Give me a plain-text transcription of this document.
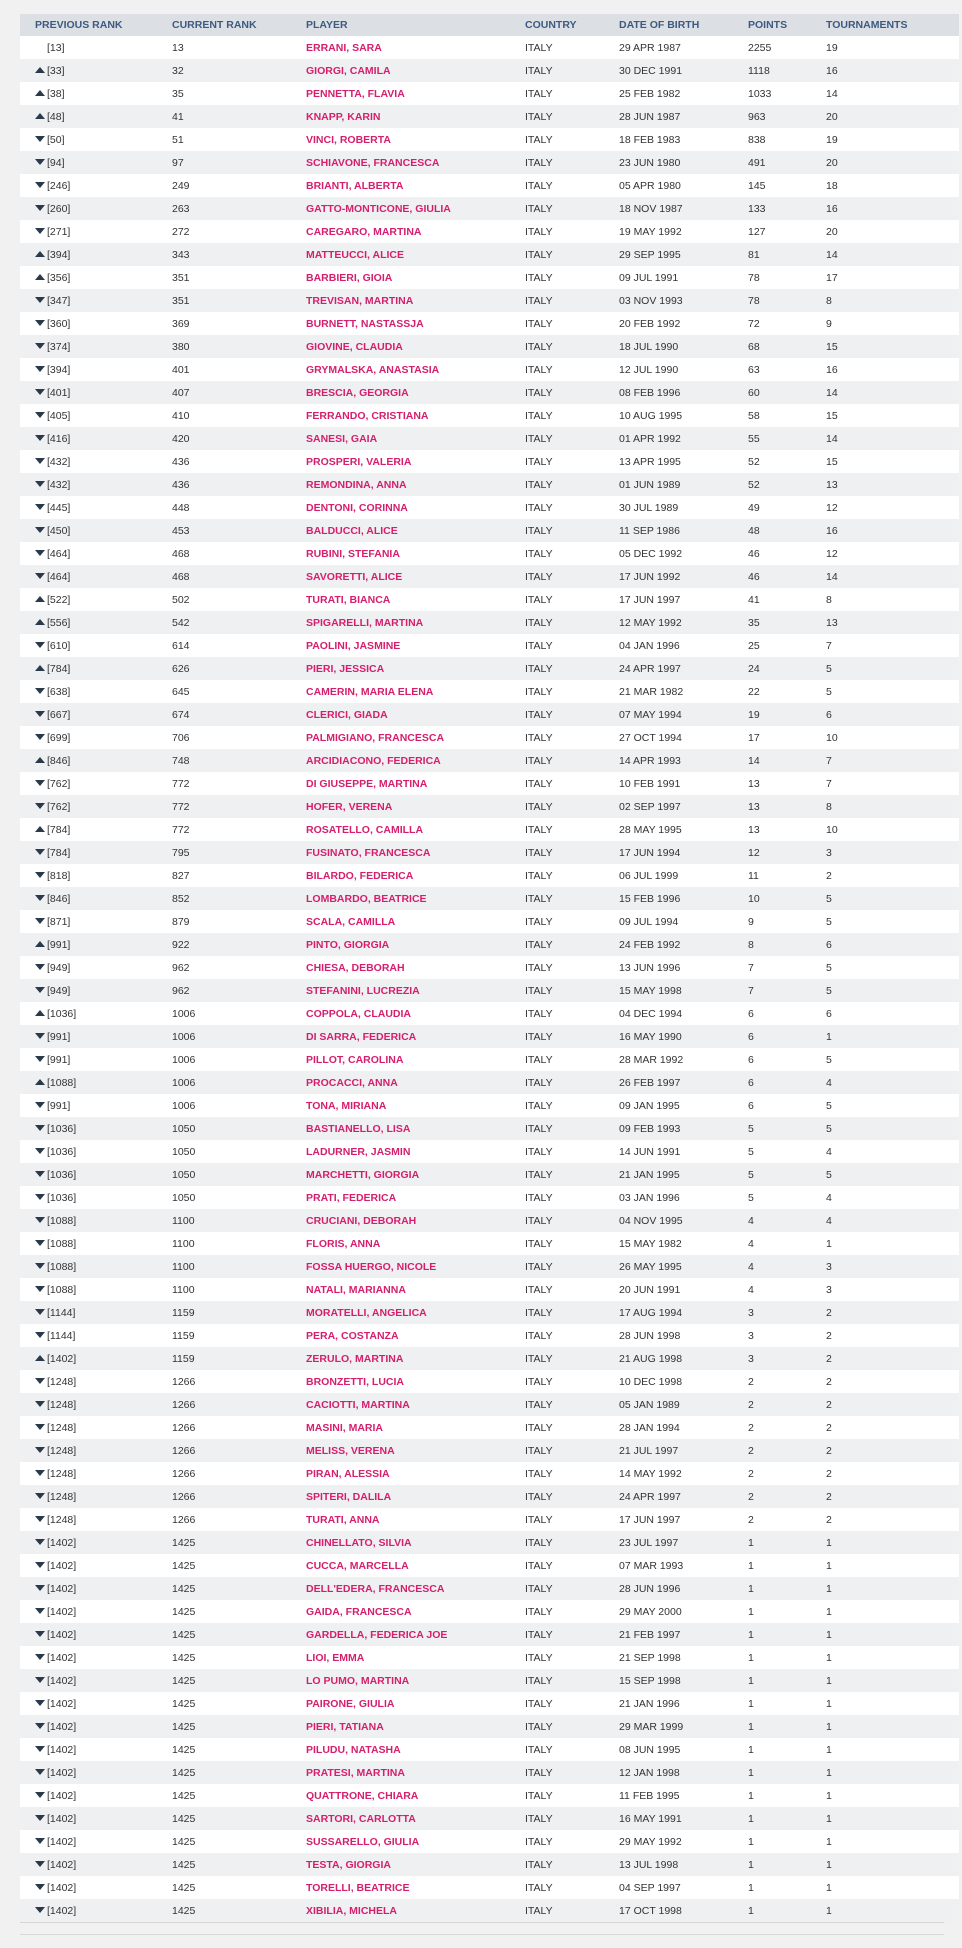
PREVIOUS RANK	CURRENT RANK	PLAYER	COUNTRY	DATE OF BIRTH	POINTS	TOURNAMENTS
[13]	13	ERRANI, SARA	ITALY	29 APR 1987	2255	19

[33]	32	GIORGI, CAMILA	ITALY	30 DEC 1991	1118	16

[38]	35	PENNETTA, FLAVIA	ITALY	25 FEB 1982	1033	14

[48]	41	KNAPP, KARIN	ITALY	28 JUN 1987	963	20

[50]	51	VINCI, ROBERTA	ITALY	18 FEB 1983	838	19

[94]	97	SCHIAVONE, FRANCESCA	ITALY	23 JUN 1980	491	20

[246]	249	BRIANTI, ALBERTA	ITALY	05 APR 1980	145	18

[260]	263	GATTO-MONTICONE, GIULIA	ITALY	18 NOV 1987	133	16

[271]	272	CAREGARO, MARTINA	ITALY	19 MAY 1992	127	20

[394]	343	MATTEUCCI, ALICE	ITALY	29 SEP 1995	81	14

[356]	351	BARBIERI, GIOIA	ITALY	09 JUL 1991	78	17

[347]	351	TREVISAN, MARTINA	ITALY	03 NOV 1993	78	8

[360]	369	BURNETT, NASTASSJA	ITALY	20 FEB 1992	72	9

[374]	380	GIOVINE, CLAUDIA	ITALY	18 JUL 1990	68	15

[394]	401	GRYMALSKA, ANASTASIA	ITALY	12 JUL 1990	63	16

[401]	407	BRESCIA, GEORGIA	ITALY	08 FEB 1996	60	14

[405]	410	FERRANDO, CRISTIANA	ITALY	10 AUG 1995	58	15

[416]	420	SANESI, GAIA	ITALY	01 APR 1992	55	14

[432]	436	PROSPERI, VALERIA	ITALY	13 APR 1995	52	15

[432]	436	REMONDINA, ANNA	ITALY	01 JUN 1989	52	13

[445]	448	DENTONI, CORINNA	ITALY	30 JUL 1989	49	12

[450]	453	BALDUCCI, ALICE	ITALY	11 SEP 1986	48	16

[464]	468	RUBINI, STEFANIA	ITALY	05 DEC 1992	46	12

[464]	468	SAVORETTI, ALICE	ITALY	17 JUN 1992	46	14

[522]	502	TURATI, BIANCA	ITALY	17 JUN 1997	41	8

[556]	542	SPIGARELLI, MARTINA	ITALY	12 MAY 1992	35	13

[610]	614	PAOLINI, JASMINE	ITALY	04 JAN 1996	25	7

[784]	626	PIERI, JESSICA	ITALY	24 APR 1997	24	5

[638]	645	CAMERIN, MARIA ELENA	ITALY	21 MAR 1982	22	5

[667]	674	CLERICI, GIADA	ITALY	07 MAY 1994	19	6

[699]	706	PALMIGIANO, FRANCESCA	ITALY	27 OCT 1994	17	10

[846]	748	ARCIDIACONO, FEDERICA	ITALY	14 APR 1993	14	7

[762]	772	DI GIUSEPPE, MARTINA	ITALY	10 FEB 1991	13	7

[762]	772	HOFER, VERENA	ITALY	02 SEP 1997	13	8

[784]	772	ROSATELLO, CAMILLA	ITALY	28 MAY 1995	13	10

[784]	795	FUSINATO, FRANCESCA	ITALY	17 JUN 1994	12	3

[818]	827	BILARDO, FEDERICA	ITALY	06 JUL 1999	11	2

[846]	852	LOMBARDO, BEATRICE	ITALY	15 FEB 1996	10	5

[871]	879	SCALA, CAMILLA	ITALY	09 JUL 1994	9	5

[991]	922	PINTO, GIORGIA	ITALY	24 FEB 1992	8	6

[949]	962	CHIESA, DEBORAH	ITALY	13 JUN 1996	7	5

[949]	962	STEFANINI, LUCREZIA	ITALY	15 MAY 1998	7	5

[1036]	1006	COPPOLA, CLAUDIA	ITALY	04 DEC 1994	6	6

[991]	1006	DI SARRA, FEDERICA	ITALY	16 MAY 1990	6	1

[991]	1006	PILLOT, CAROLINA	ITALY	28 MAR 1992	6	5

[1088]	1006	PROCACCI, ANNA	ITALY	26 FEB 1997	6	4

[991]	1006	TONA, MIRIANA	ITALY	09 JAN 1995	6	5

[1036]	1050	BASTIANELLO, LISA	ITALY	09 FEB 1993	5	5

[1036]	1050	LADURNER, JASMIN	ITALY	14 JUN 1991	5	4

[1036]	1050	MARCHETTI, GIORGIA	ITALY	21 JAN 1995	5	5

[1036]	1050	PRATI, FEDERICA	ITALY	03 JAN 1996	5	4

[1088]	1100	CRUCIANI, DEBORAH	ITALY	04 NOV 1995	4	4

[1088]	1100	FLORIS, ANNA	ITALY	15 MAY 1982	4	1

[1088]	1100	FOSSA HUERGO, NICOLE	ITALY	26 MAY 1995	4	3

[1088]	1100	NATALI, MARIANNA	ITALY	20 JUN 1991	4	3

[1144]	1159	MORATELLI, ANGELICA	ITALY	17 AUG 1994	3	2

[1144]	1159	PERA, COSTANZA	ITALY	28 JUN 1998	3	2

[1402]	1159	ZERULO, MARTINA	ITALY	21 AUG 1998	3	2

[1248]	1266	BRONZETTI, LUCIA	ITALY	10 DEC 1998	2	2

[1248]	1266	CACIOTTI, MARTINA	ITALY	05 JAN 1989	2	2

[1248]	1266	MASINI, MARIA	ITALY	28 JAN 1994	2	2

[1248]	1266	MELISS, VERENA	ITALY	21 JUL 1997	2	2

[1248]	1266	PIRAN, ALESSIA	ITALY	14 MAY 1992	2	2

[1248]	1266	SPITERI, DALILA	ITALY	24 APR 1997	2	2

[1248]	1266	TURATI, ANNA	ITALY	17 JUN 1997	2	2

[1402]	1425	CHINELLATO, SILVIA	ITALY	23 JUL 1997	1	1

[1402]	1425	CUCCA, MARCELLA	ITALY	07 MAR 1993	1	1

[1402]	1425	DELL'EDERA, FRANCESCA	ITALY	28 JUN 1996	1	1

[1402]	1425	GAIDA, FRANCESCA	ITALY	29 MAY 2000	1	1

[1402]	1425	GARDELLA, FEDERICA JOE	ITALY	21 FEB 1997	1	1

[1402]	1425	LIOI, EMMA	ITALY	21 SEP 1998	1	1

[1402]	1425	LO PUMO, MARTINA	ITALY	15 SEP 1998	1	1

[1402]	1425	PAIRONE, GIULIA	ITALY	21 JAN 1996	1	1

[1402]	1425	PIERI, TATIANA	ITALY	29 MAR 1999	1	1

[1402]	1425	PILUDU, NATASHA	ITALY	08 JUN 1995	1	1

[1402]	1425	PRATESI, MARTINA	ITALY	12 JAN 1998	1	1

[1402]	1425	QUATTRONE, CHIARA	ITALY	11 FEB 1995	1	1

[1402]	1425	SARTORI, CARLOTTA	ITALY	16 MAY 1991	1	1

[1402]	1425	SUSSARELLO, GIULIA	ITALY	29 MAY 1992	1	1

[1402]	1425	TESTA, GIORGIA	ITALY	13 JUL 1998	1	1

[1402]	1425	TORELLI, BEATRICE	ITALY	04 SEP 1997	1	1

[1402]	1425	XIBILIA, MICHELA	ITALY	17 OCT 1998	1	1
